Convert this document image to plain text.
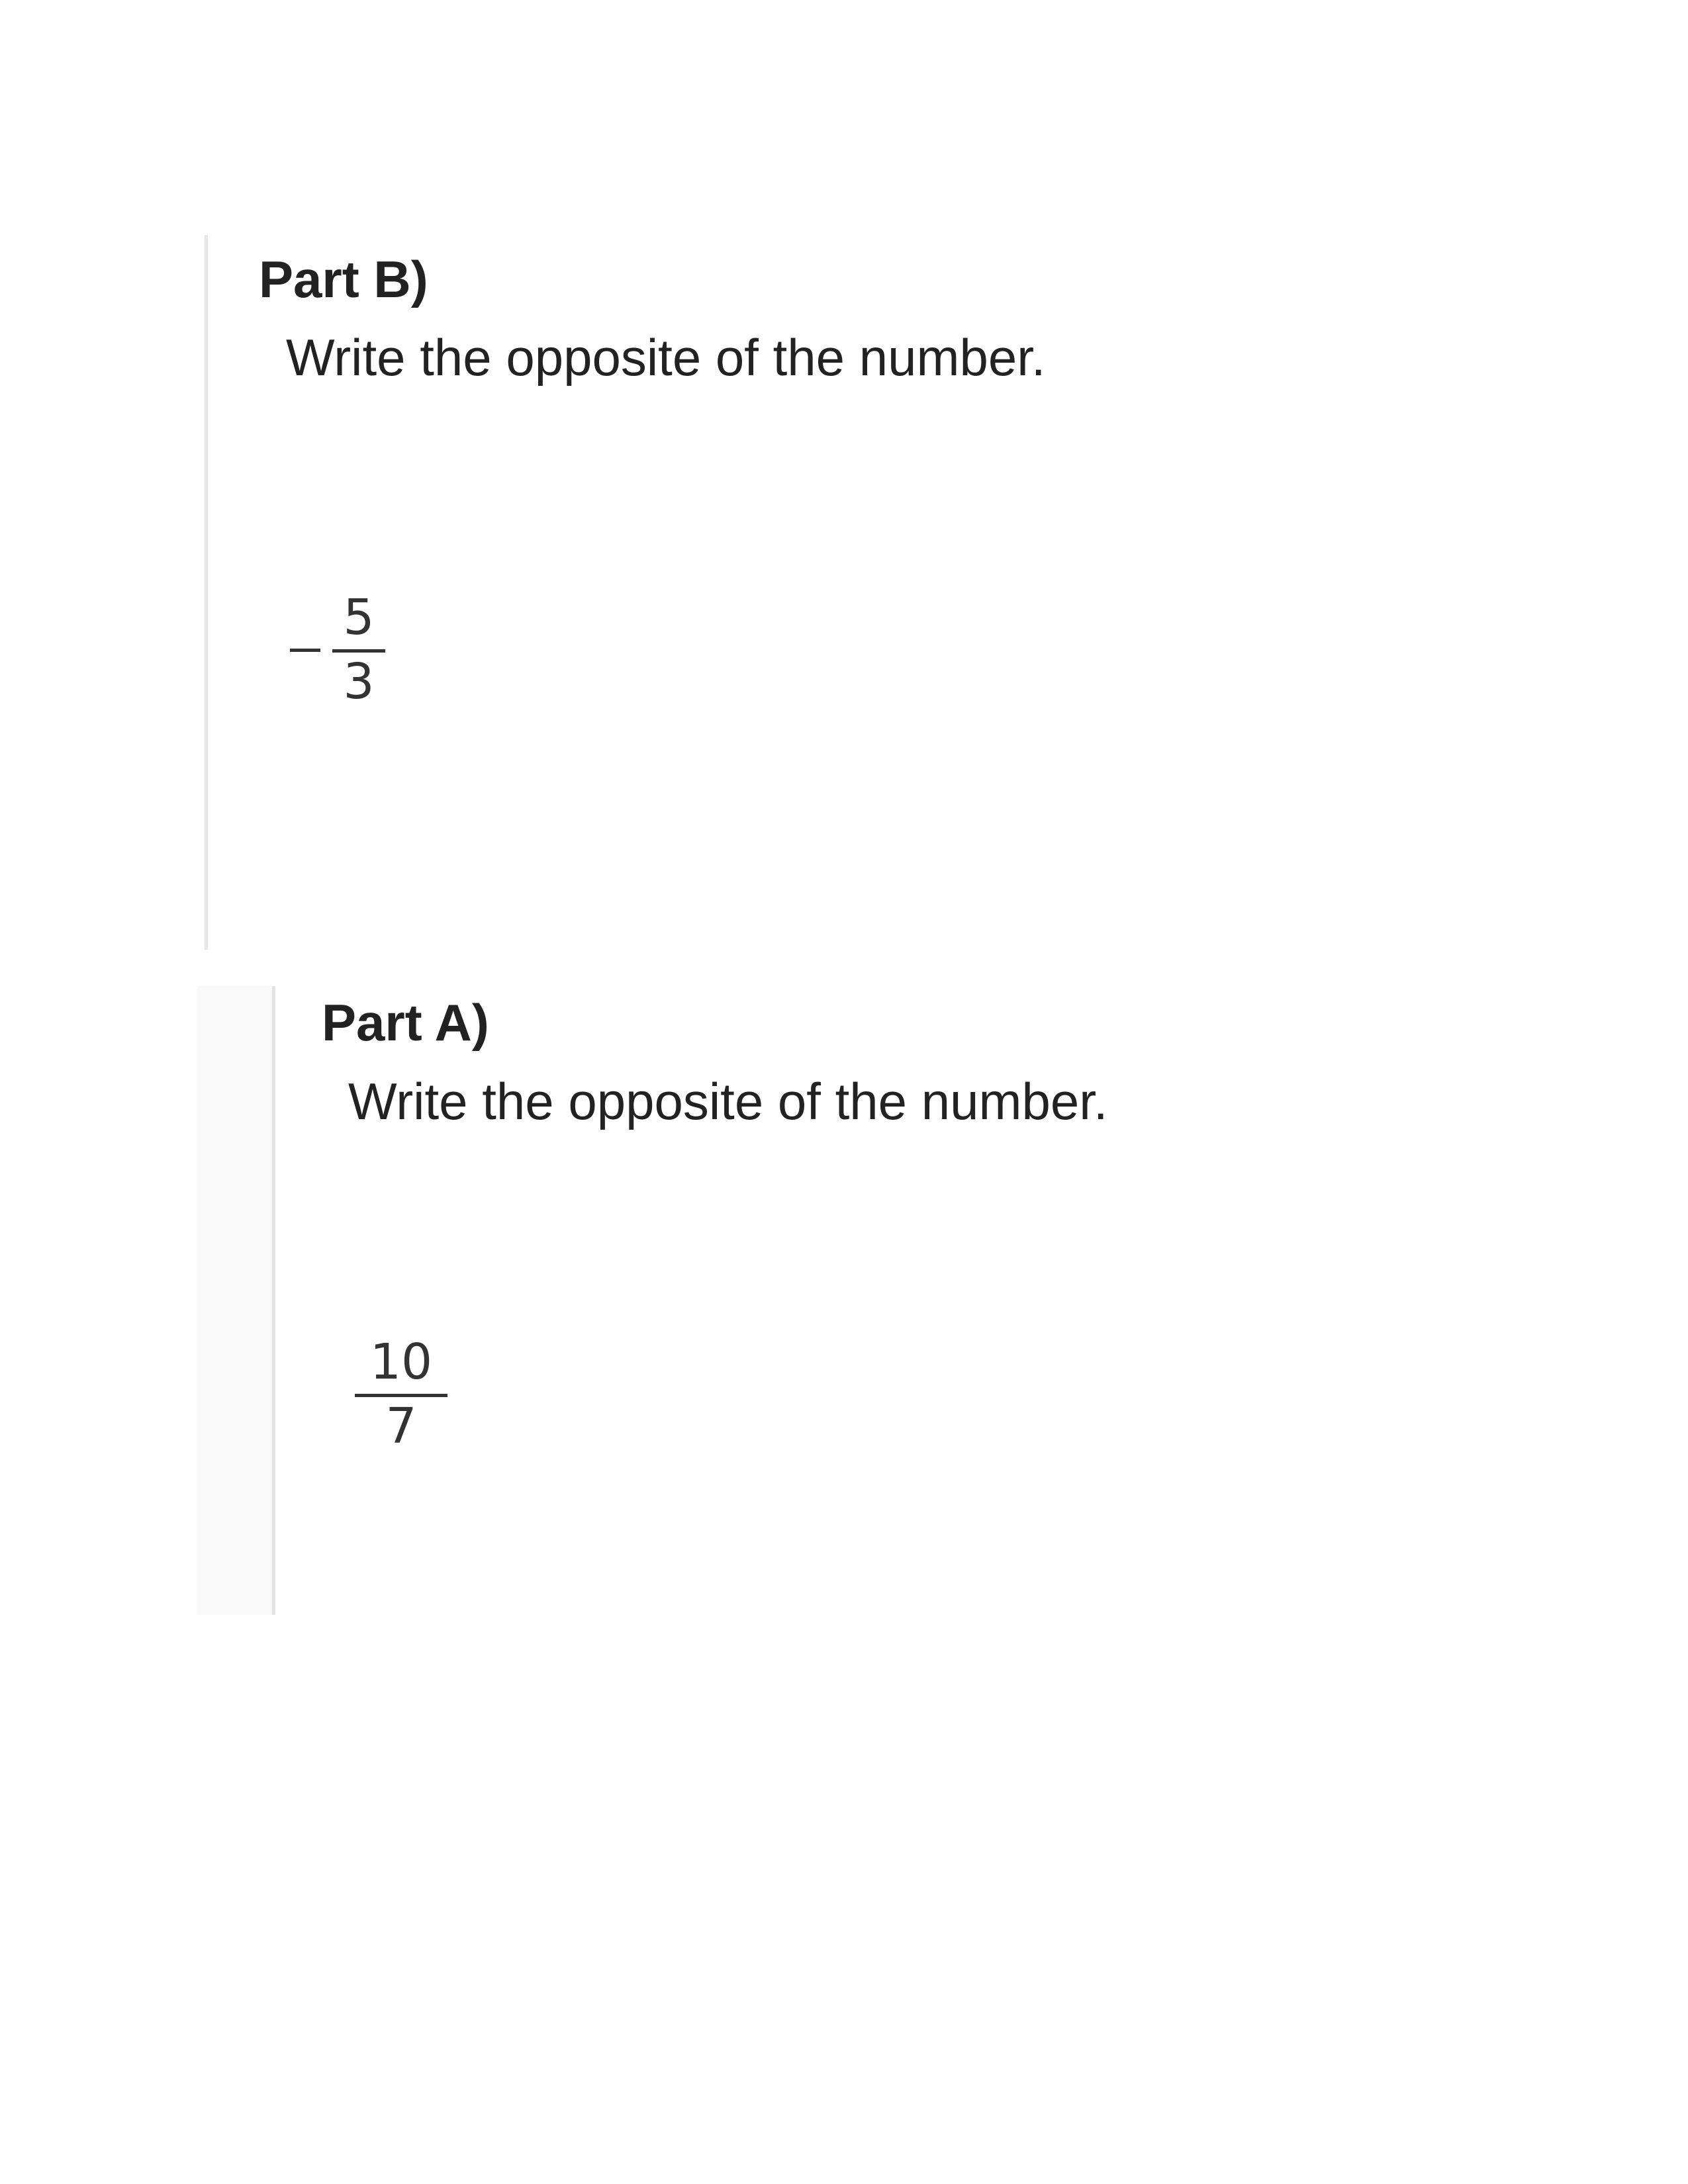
Part B)
Write the opposite of the number.
5
3
Part A)
Write the opposite of the number.
10
7
